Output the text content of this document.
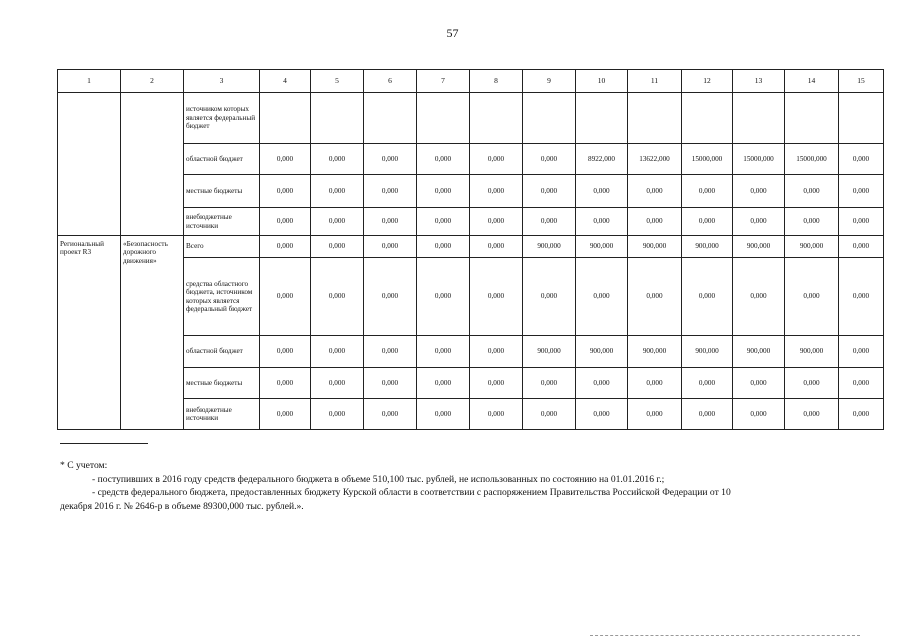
57
1	2	3	4	5	6	7	8	9	10	11	12	13	14	15
		источником которых является федеральный бюджет												
		областной бюджет	0,000	0,000	0,000	0,000	0,000	0,000	8922,000	13622,000	15000,000	15000,000	15000,000	0,000
		местные бюджеты	0,000	0,000	0,000	0,000	0,000	0,000	0,000	0,000	0,000	0,000	0,000	0,000
		внебюджетные источники	0,000	0,000	0,000	0,000	0,000	0,000	0,000	0,000	0,000	0,000	0,000	0,000
Региональный проект R3	«Безопасность дорожного движения»	Всего	0,000	0,000	0,000	0,000	0,000	900,000	900,000	900,000	900,000	900,000	900,000	0,000
		средства областного бюджета, источником которых является федеральный бюджет	0,000	0,000	0,000	0,000	0,000	0,000	0,000	0,000	0,000	0,000	0,000	0,000
		областной бюджет	0,000	0,000	0,000	0,000	0,000	900,000	900,000	900,000	900,000	900,000	900,000	0,000
		местные бюджеты	0,000	0,000	0,000	0,000	0,000	0,000	0,000	0,000	0,000	0,000	0,000	0,000
		внебюджетные источники	0,000	0,000	0,000	0,000	0,000	0,000	0,000	0,000	0,000	0,000	0,000	0,000
* С учетом:
- поступивших в 2016 году средств федерального бюджета в объеме 510,100 тыс. рублей, не использованных по состоянию на 01.01.2016 г.;
- средств федерального бюджета, предоставленных бюджету Курской области в соответствии с распоряжением Правительства Российской Федерации от 10
декабря 2016 г. № 2646-р в объеме 89300,000 тыс. рублей.».
